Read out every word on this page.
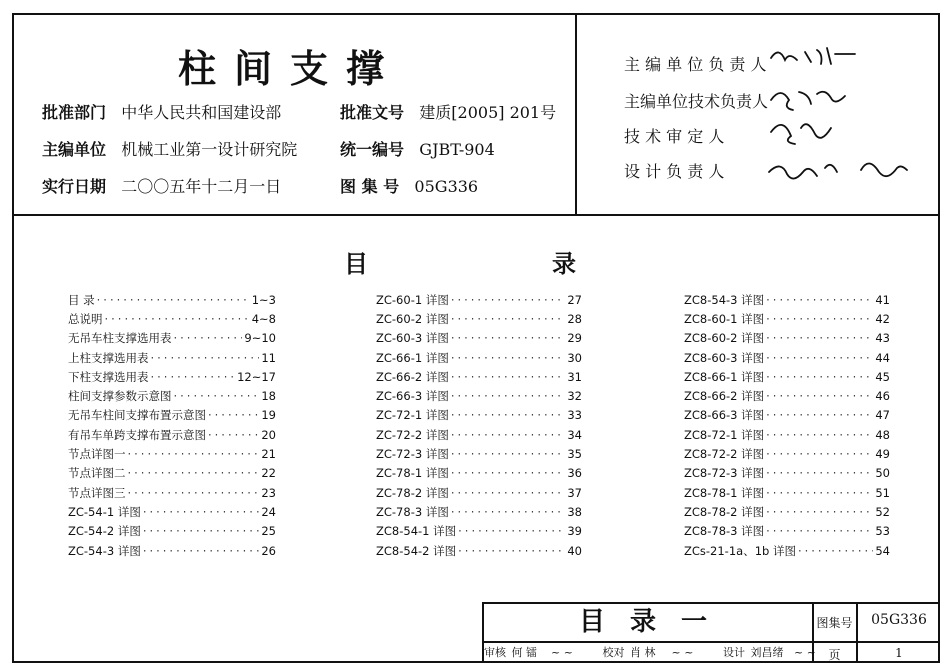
柱间支撑
批准部门 中华人民共和国建设部	批准文号 建质[2005] 201号
主编单位 机械工业第一设计研究院	统一编号 GJBT-904
实行日期 二〇〇五年十二月一日	图 集 号 05G336
主 编 单 位 负 责 人
主编单位技术负责人
技 术 审 定 人
设 计 负 责 人
目	录
目 录 ·····	1~3
总说明 ·····	4~8
无吊车柱支撑选用表 ·····	9~10
上柱支撑选用表 ·····	11
下柱支撑选用表 ·····	12~17
柱间支撑参数示意图 ·····	18
无吊车柱间支撑布置示意图 ·····	19
有吊车单跨支撑布置示意图 ·····	20
节点详图一 ·····	21
节点详图二 ·····	22
节点详图三 ·····	23
ZC-54-1 详图 ·····	24
ZC-54-2 详图 ·····	25
ZC-54-3 详图 ·····	26
ZC-60-1 详图 ·····	27
ZC-60-2 详图 ·····	28
ZC-60-3 详图 ·····	29
ZC-66-1 详图 ·····	30
ZC-66-2 详图 ·····	31
ZC-66-3 详图 ·····	32
ZC-72-1 详图 ·····	33
ZC-72-2 详图 ·····	34
ZC-72-3 详图 ·····	35
ZC-78-1 详图 ·····	36
ZC-78-2 详图 ·····	37
ZC-78-3 详图 ·····	38
ZC8-54-1 详图 ·····	39
ZC8-54-2 详图 ·····	40
ZC8-54-3 详图 ·····	41
ZC8-60-1 详图 ·····	42
ZC8-60-2 详图 ·····	43
ZC8-60-3 详图 ·····	44
ZC8-66-1 详图 ·····	45
ZC8-66-2 详图 ·····	46
ZC8-66-3 详图 ·····	47
ZC8-72-1 详图 ·····	48
ZC8-72-2 详图 ·····	49
ZC8-72-3 详图 ·····	50
ZC8-78-1 详图 ·····	51
ZC8-78-2 详图 ·····	52
ZC8-78-3 详图 ·····	53
ZCs-21-1a、1b 详图 ·····	54
目 录 一	图集号	05G336
页	1
审核 何 镭 ~ ~	校对 肖 林 ~ ~	设计 刘昌绪 ~ ~
